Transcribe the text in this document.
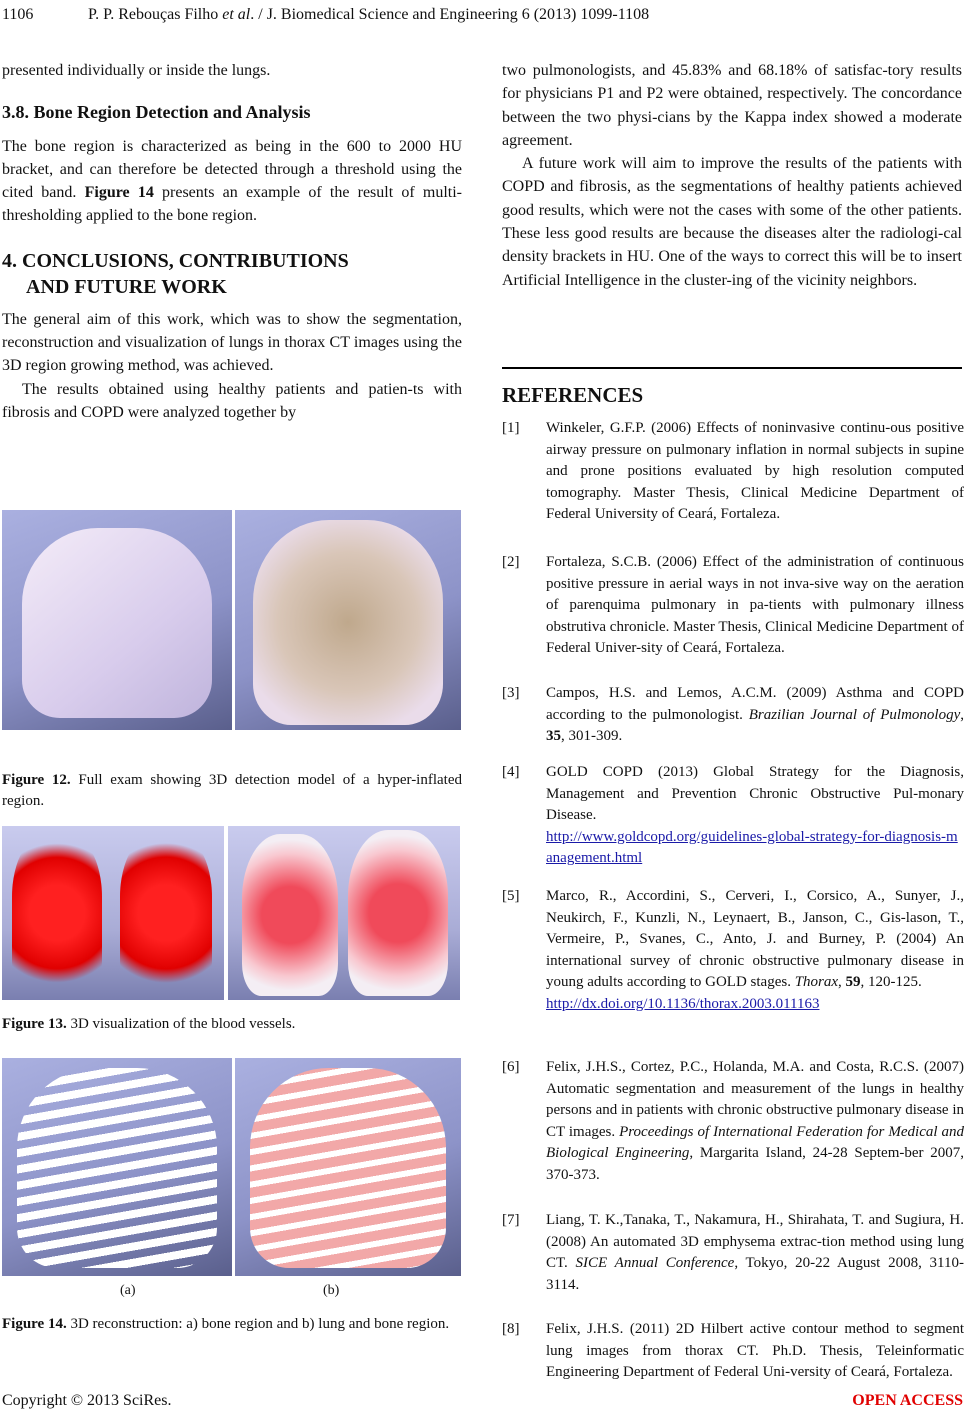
1106	P. P. Rebouças Filho et al. / J. Biomedical Science and Engineering 6 (2013) 1099-1108

presented individually or inside the lungs.

3.8. Bone Region Detection and Analysis

The bone region is characterized as being in the 600 to 2000 HU bracket, and can therefore be detected through a threshold using the cited band. Figure 14 presents an example of the result of multi-thresholding applied to the bone region.

4. CONCLUSIONS, CONTRIBUTIONS
AND FUTURE WORK

The general aim of this work, which was to show the segmentation, reconstruction and visualization of lungs in thorax CT images using the 3D region growing method, was achieved.

The results obtained using healthy patients and patien-ts with fibrosis and COPD were analyzed together by

Figure 12. Full exam showing 3D detection model of a hyper-inflated region.
Figure 13. 3D visualization of the blood vessels.
(a)	(b)
Figure 14. 3D reconstruction: a) bone region and b) lung and bone region.

two pulmonologists, and 45.83% and 68.18% of satisfac-tory results for physicians P1 and P2 were obtained, respectively. The concordance between the two physi-cians by the Kappa index showed a moderate agreement.

A future work will aim to improve the results of the patients with COPD and fibrosis, as the segmentations of healthy patients achieved good results, which were not the cases with some of the other patients. These less good results are because the diseases alter the radiologi-cal density brackets in HU. One of the ways to correct this will be to insert Artificial Intelligence in the cluster-ing of the vicinity neighbors.

REFERENCES
[1] Winkeler, G.F.P. (2006) Effects of noninvasive continu-ous positive airway pressure on pulmonary inflation in normal subjects in supine and prone positions evaluated by high resolution computed tomography. Master Thesis, Clinical Medicine Department of Federal University of Ceará, Fortaleza.
[2] Fortaleza, S.C.B. (2006) Effect of the administration of continuous positive pressure in aerial ways in not inva-sive way on the aeration of parenquima pulmonary in pa-tients with pulmonary illness obstrutiva chronicle. Master Thesis, Clinical Medicine Department of Federal Univer-sity of Ceará, Fortaleza.
[3] Campos, H.S. and Lemos, A.C.M. (2009) Asthma and COPD according to the pulmonologist. Brazilian Journal of Pulmonology, 35, 301-309.
[4] GOLD COPD (2013) Global Strategy for the Diagnosis, Management and Prevention Chronic Obstructive Pul-monary Disease.
http://www.goldcopd.org/guidelines-global-strategy-for-diagnosis-management.html
[5] Marco, R., Accordini, S., Cerveri, I., Corsico, A., Sunyer, J., Neukirch, F., Kunzli, N., Leynaert, B., Janson, C., Gis-lason, T., Vermeire, P., Svanes, C., Anto, J. and Burney, P. (2004) An international survey of chronic obstructive pulmonary disease in young adults according to GOLD stages. Thorax, 59, 120-125.
http://dx.doi.org/10.1136/thorax.2003.011163
[6] Felix, J.H.S., Cortez, P.C., Holanda, M.A. and Costa, R.C.S. (2007) Automatic segmentation and measurement of the lungs in healthy persons and in patients with chronic obstructive pulmonary disease in CT images. Proceedings of International Federation for Medical and Biological Engineering, Margarita Island, 24-28 Septem-ber 2007, 370-373.
[7] Liang, T. K.,Tanaka, T., Nakamura, H., Shirahata, T. and Sugiura, H. (2008) An automated 3D emphysema extrac-tion method using lung CT. SICE Annual Conference, Tokyo, 20-22 August 2008, 3110-3114.
[8] Felix, J.H.S. (2011) 2D Hilbert active contour method to segment lung images from thorax CT. Ph.D. Thesis, Teleinformatic Engineering Department of Federal Uni-versity of Ceará, Fortaleza.
Copyright © 2013 SciRes.	OPEN ACCESS
